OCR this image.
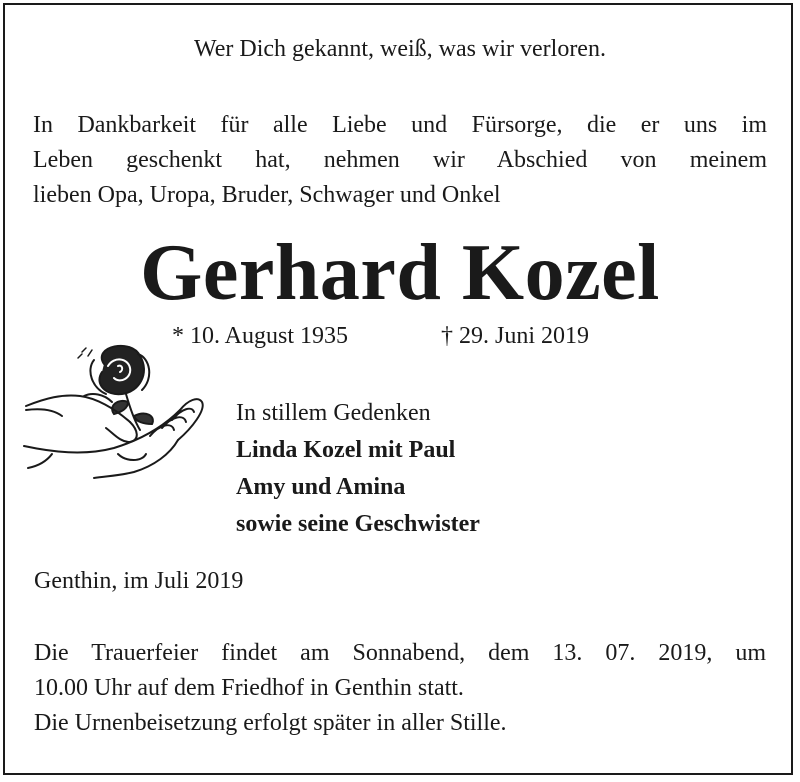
Wer Dich gekannt, weiß, was wir verloren.
In Dankbarkeit für alle Liebe und Fürsorge, die er uns im
Leben geschenkt hat, nehmen wir Abschied von meinem
lieben Opa, Uropa, Bruder, Schwager und Onkel
Gerhard Kozel
* 10. August 1935	† 29. Juni 2019
In stillem Gedenken
Linda Kozel mit Paul
Amy und Amina
sowie seine Geschwister
Genthin, im Juli 2019
Die Trauerfeier findet am Sonnabend, dem 13. 07. 2019, um
10.00 Uhr auf dem Friedhof in Genthin statt.
Die Urnenbeisetzung erfolgt später in aller Stille.
